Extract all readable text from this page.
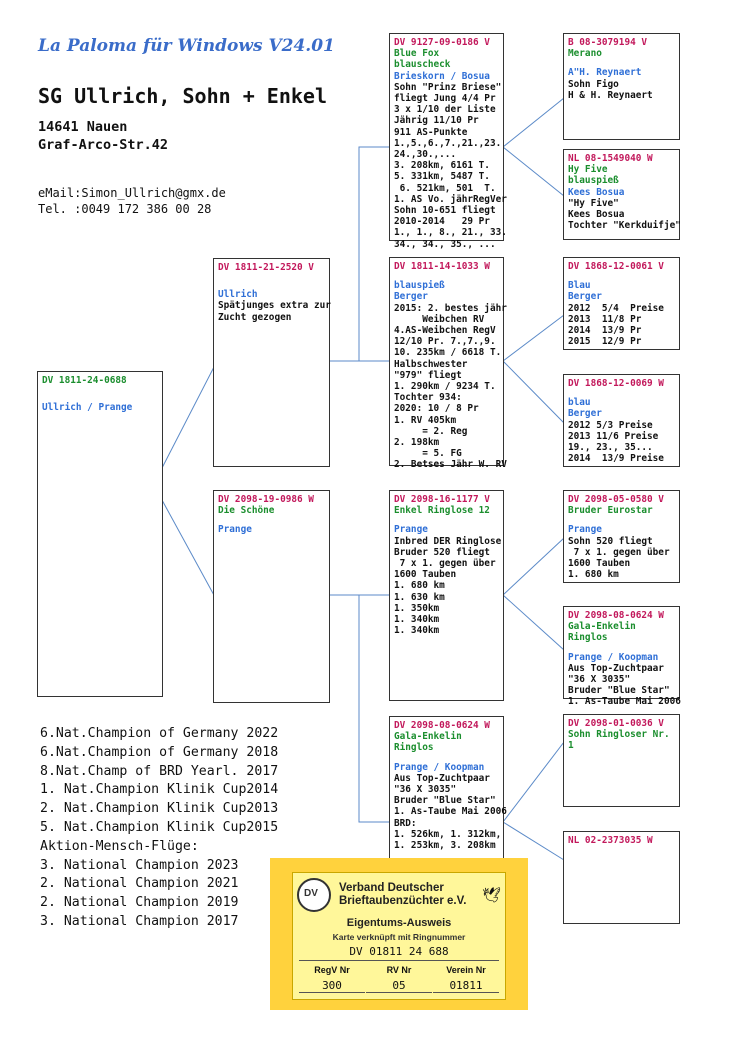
La Paloma für Windows V24.01
SG Ullrich, Sohn + Enkel
14641 Nauen
Graf-Arco-Str.42
eMail:Simon_Ullrich@gmx.de
Tel. :0049 172 386 00 28
DV 1811-24-0688
Ullrich / Prange
DV 1811-21-2520 V
Ullrich
Spätjunges extra zur
Zucht gezogen
DV 2098-19-0986 W
Die Schöne
Prange
DV 9127-09-0186 V
Blue Fox
blauscheck
Brieskorn / Bosua
Sohn "Prinz Briese"
fliegt Jung 4/4 Pr
3 x 1/10 der Liste
Jährig 11/10 Pr
911 AS-Punkte
1.,5.,6.,7.,21.,23.
24.,30.,...
3. 208km, 6161 T.
5. 331km, 5487 T.
6. 521km, 501  T.
1. AS Vo. jährRegVer
Sohn 10-651 fliegt
2010-2014   29 Pr
1., 1., 8., 21., 33.
34., 34., 35., ...
DV 1811-14-1033 W
blauspieß
Berger
2015: 2. bestes jähr
Weibchen RV
4.AS-Weibchen RegV
12/10 Pr. 7.,7.,9.
10. 235km / 6618 T.
Halbschwester
"979" fliegt
1. 290km / 9234 T.
Tochter 934:
2020: 10 / 8 Pr
1. RV 405km
= 2. Reg
2. 198km
= 5. FG
2. Betses Jähr W. RV
DV 2098-16-1177 V
Enkel Ringlose 12
Prange
Inbred DER Ringlose
Bruder 520 fliegt
7 x 1. gegen über
1600 Tauben
1. 680 km
1. 630 km
1. 350km
1. 340km
1. 340km
DV 2098-08-0624 W
Gala-Enkelin Ringlos
Prange / Koopman
Aus Top-Zuchtpaar
"36 X 3035"
Bruder "Blue Star"
1. As-Taube Mai 2006
BRD:
1. 526km, 1. 312km,
1. 253km, 3. 208km
B 08-3079194 V
Merano
A"H. Reynaert
Sohn Figo
H & H. Reynaert
NL 08-1549040 W
Hy Five
blauspieß
Kees Bosua
"Hy Five"
Kees Bosua
Tochter "Kerkduifje"
DV 1868-12-0061 V
Blau
Berger
2012  5/4  Preise
2013  11/8 Pr
2014  13/9 Pr
2015  12/9 Pr
DV 1868-12-0069 W
blau
Berger
2012 5/3 Preise
2013 11/6 Preise
19., 23., 35...
2014  13/9 Preise
DV 2098-05-0580 V
Bruder Eurostar
Prange
Sohn 520 fliegt
7 x 1. gegen über
1600 Tauben
1. 680 km
DV 2098-08-0624 W
Gala-Enkelin Ringlos
Prange / Koopman
Aus Top-Zuchtpaar
"36 X 3035"
Bruder "Blue Star"
1. As-Taube Mai 2006
DV 2098-01-0036 V
Sohn Ringloser Nr. 1
NL 02-2373035 W
6.Nat.Champion of Germany 2022
6.Nat.Champion of Germany 2018
8.Nat.Champ of BRD Yearl. 2017
1. Nat.Champion Klinik Cup2014
2. Nat.Champion Klinik Cup2013
5. Nat.Champion Klinik Cup2015
Aktion-Mensch-Flüge:
3. National Champion 2023
2. National Champion 2021
2. National Champion 2019
3. National Champion 2017
DV
Verband Deutscher
Brieftaubenzüchter e.V. 🕊
Eigentums-Ausweis
Karte verknüpft mit Ringnummer
DV 01811 24 688
RegV Nr	RV Nr	Verein Nr
300	05	01811
